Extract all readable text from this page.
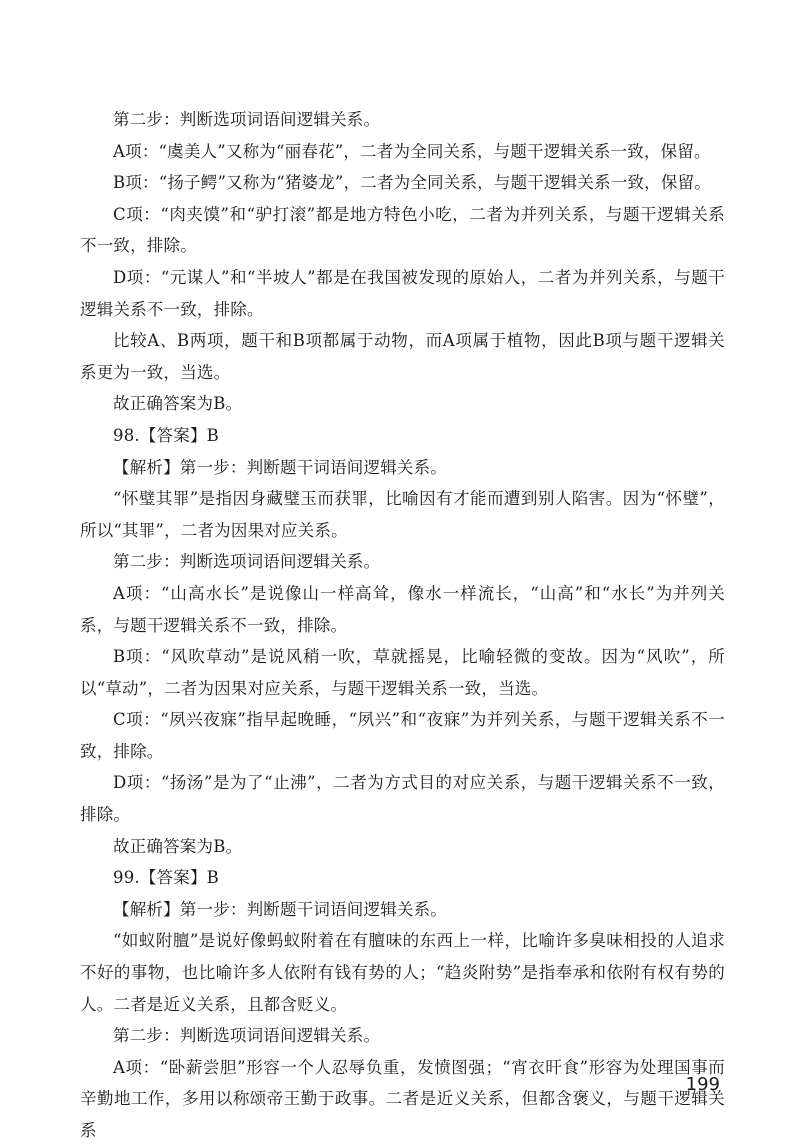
第二步：判断选项词语间逻辑关系。

A项：“虞美人”又称为“丽春花”，二者为全同关系，与题干逻辑关系一致，保留。

B项：“扬子鳄”又称为“猪婆龙”，二者为全同关系，与题干逻辑关系一致，保留。

C项：“肉夹馍”和“驴打滚”都是地方特色小吃，二者为并列关系，与题干逻辑关系不一致，排除。

D项：“元谋人”和“半坡人”都是在我国被发现的原始人，二者为并列关系，与题干逻辑关系不一致，排除。

比较A、B两项，题干和B项都属于动物，而A项属于植物，因此B项与题干逻辑关系更为一致，当选。

故正确答案为B。

98.【答案】B

【解析】第一步：判断题干词语间逻辑关系。

“怀璧其罪”是指因身藏璧玉而获罪，比喻因有才能而遭到别人陷害。因为“怀璧”，所以“其罪”，二者为因果对应关系。

第二步：判断选项词语间逻辑关系。

A项：“山高水长”是说像山一样高耸，像水一样流长，“山高”和“水长”为并列关系，与题干逻辑关系不一致，排除。

B项：“风吹草动”是说风稍一吹，草就摇晃，比喻轻微的变故。因为“风吹”，所以“草动”，二者为因果对应关系，与题干逻辑关系一致，当选。

C项：“夙兴夜寐”指早起晚睡，“夙兴”和“夜寐”为并列关系，与题干逻辑关系不一致，排除。

D项：“扬汤”是为了“止沸”，二者为方式目的对应关系，与题干逻辑关系不一致，排除。

故正确答案为B。

99.【答案】B

【解析】第一步：判断题干词语间逻辑关系。

“如蚁附膻”是说好像蚂蚁附着在有膻味的东西上一样，比喻许多臭味相投的人追求不好的事物，也比喻许多人依附有钱有势的人；“趋炎附势”是指奉承和依附有权有势的人。二者是近义关系，且都含贬义。

第二步：判断选项词语间逻辑关系。

A项：“卧薪尝胆”形容一个人忍辱负重，发愤图强；“宵衣旰食”形容为处理国事而辛勤地工作，多用以称颂帝王勤于政事。二者是近义关系，但都含褒义，与题干逻辑关系

199
